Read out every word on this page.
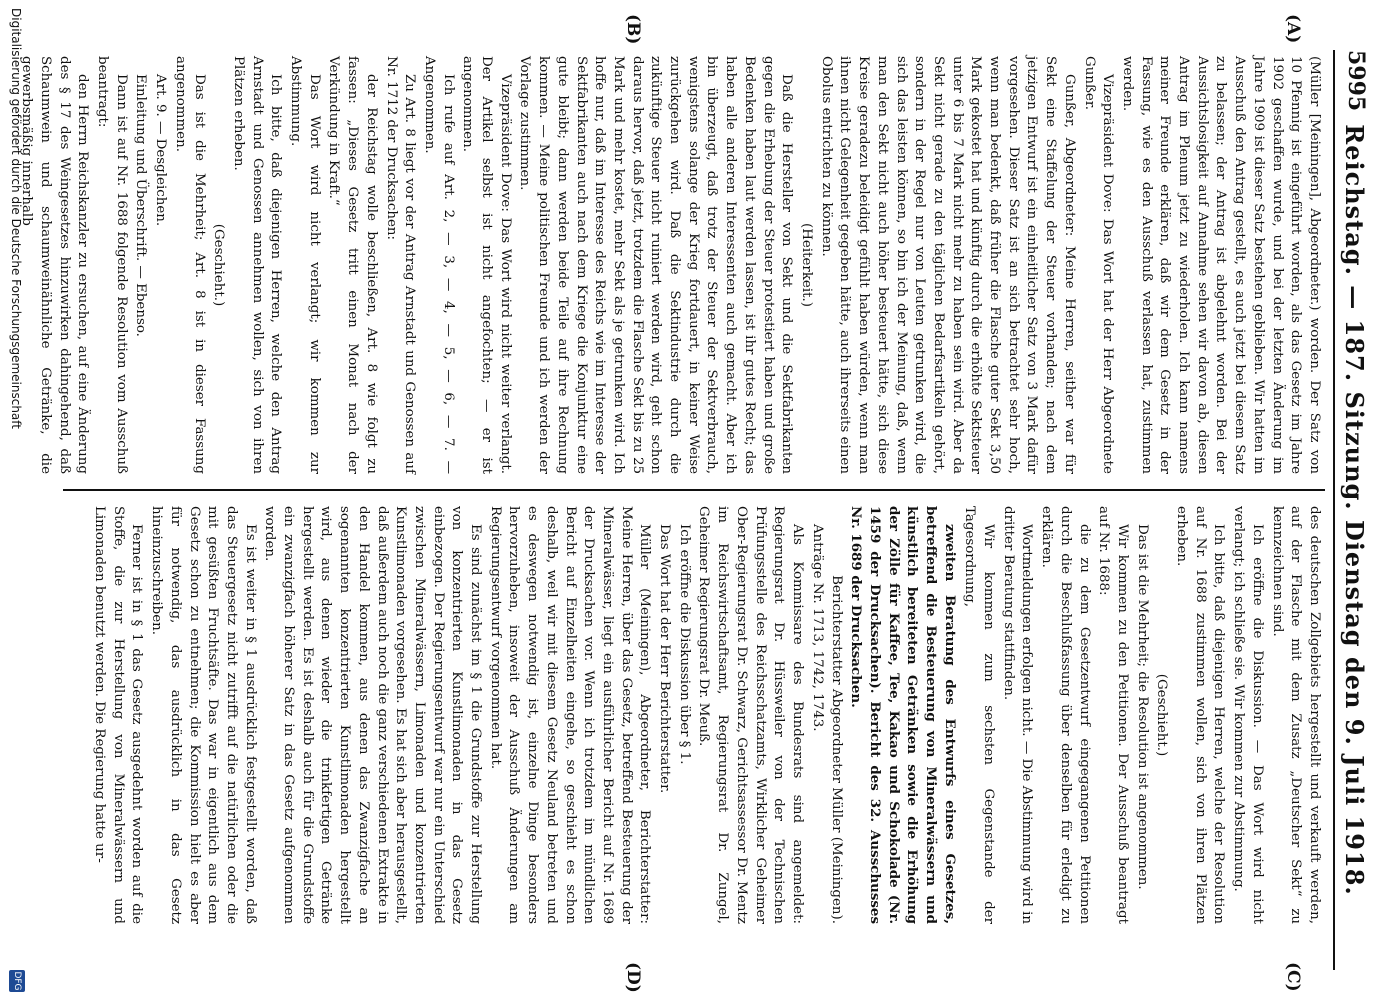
5995
Reichstag. — 187. Sitzung. Dienstag den 9. Juli 1918.
(A)
(B)
(C)
(D)

(Müller [Meiningen], Abgeordneter.) worden. Der Satz von 10 Pfennig ist eingeführt worden, als das Gesetz im Jahre 1902 geschaffen wurde, und bei der letzten Änderung im Jahre 1909 ist dieser Satz bestehen geblieben. Wir hatten im Ausschuß den Antrag gestellt, es auch jetzt bei diesem Satz zu belassen; der Antrag ist abgelehnt worden. Bei der Aussichtslosigkeit auf Annahme sehen wir davon ab, diesen Antrag im Plenum jetzt zu wiederholen. Ich kann namens meiner Freunde erklären, daß wir dem Gesetz in der Fassung, wie es den Ausschuß verlassen hat, zustimmen werden.

Vizepräsident Dove: Das Wort hat der Herr Abgeordnete Gunßer.

Gunßer, Abgeordneter: Meine Herren, seither war für Sekt eine Staffelung der Steuer vorhanden; nach dem jetzigen Entwurf ist ein einheitlicher Satz von 3 Mark dafür vorgesehen. Dieser Satz ist an sich betrachtet sehr hoch, wenn man bedenkt, daß früher die Flasche guter Sekt 3,50 Mark gekostet hat und künftig durch die erhöhte Sektsteuer unter 6 bis 7 Mark nicht mehr zu haben sein wird. Aber da Sekt nicht gerade zu den täglichen Bedarfsartikeln gehört, sondern in der Regel nur von Leuten getrunken wird, die sich das leisten können, so bin ich der Meinung, daß, wenn man den Sekt nicht auch höher besteuert hätte, sich diese Kreise geradezu beleidigt gefühlt haben würden, wenn man ihnen nicht Gelegenheit gegeben hätte, auch ihrerseits einen Obolus entrichten zu können.

(Heiterkeit.)

Daß die Hersteller von Sekt und die Sektfabrikanten gegen die Erhebung der Steuer protestiert haben und große Bedenken haben laut werden lassen, ist ihr gutes Recht; das haben alle anderen Interessenten auch gemacht. Aber ich bin überzeugt, daß trotz der Steuer der Sektverbrauch, wenigstens solange der Krieg fortdauert, in keiner Weise zurückgehen wird. Daß die Sektindustrie durch die zukünftige Steuer nicht ruiniert werden wird, geht schon daraus hervor, daß jetzt, trotzdem die Flasche Sekt bis zu 25 Mark und mehr kostet, mehr Sekt als je getrunken wird. Ich hoffe nur, daß im Interesse des Reichs wie im Interesse der Sektfabrikanten auch nach dem Kriege die Konjunktur eine gute bleibt; dann werden beide Teile auf ihre Rechnung kommen. — Meine politischen Freunde und ich werden der Vorlage zustimmen.

Vizepräsident Dove: Das Wort wird nicht weiter verlangt. Der Artikel selbst ist nicht angefochten; — er ist angenommen.

Ich rufe auf Art. 2, — 3, — 4, — 5, — 6, — 7. — Angenommen.

Zu Art. 8 liegt vor der Antrag Arnstadt und Genossen auf Nr. 1712 der Drucksachen:

der Reichstag wolle beschließen, Art. 8 wie folgt zu fassen: „Dieses Gesetz tritt einen Monat nach der Verkündung in Kraft.“

Das Wort wird nicht verlangt; wir kommen zur Abstimmung.

Ich bitte, daß diejenigen Herren, welche den Antrag Arnstadt und Genossen annehmen wollen, sich von ihren Plätzen erheben.

(Geschieht.)

Das ist die Mehrheit; Art. 8 ist in dieser Fassung angenommen.

Art. 9. — Desgleichen.

Einleitung und Überschrift. — Ebenso.

Dann ist auf Nr. 1688 folgende Resolution vom Ausschuß beantragt:

den Herrn Reichskanzler zu ersuchen, auf eine Änderung des § 17 des Weingesetzes hinzuwirken dahingehend, daß Schaumwein und schaumweinähnliche Getränke, die gewerbsmäßig innerhalb

des deutschen Zollgebiets hergestellt und verkauft werden, auf der Flasche mit dem Zusatz „Deutscher Sekt“ zu kennzeichnen sind.

Ich eröffne die Diskussion. — Das Wort wird nicht verlangt; ich schließe sie. Wir kommen zur Abstimmung.

Ich bitte, daß diejenigen Herren, welche der Resolution auf Nr. 1688 zustimmen wollen, sich von ihren Plätzen erheben.

(Geschieht.)

Das ist die Mehrheit; die Resolution ist angenommen.

Wir kommen zu den Petitionen. Der Ausschuß beantragt auf Nr. 1688:

die zu dem Gesetzentwurf eingegangenen Petitionen durch die Beschlußfassung über denselben für erledigt zu erklären.

Wortmeldungen erfolgen nicht. — Die Abstimmung wird in dritter Beratung stattfinden.

Wir kommen zum sechsten Gegenstande der Tagesordnung,

zweiten Beratung des Entwurfs eines Gesetzes, betreffend die Besteuerung von Mineralwässern und künstlich bereiteten Getränken sowie die Erhöhung der Zölle für Kaffee, Tee, Kakao und Schokolade (Nr. 1459 der Drucksachen). Bericht des 32. Ausschusses Nr. 1689 der Drucksachen.

Berichterstatter Abgeordneter Müller (Meiningen).

Anträge Nr. 1713, 1742, 1743.

Als Kommissare des Bundesrats sind angemeldet: Regierungsrat Dr. Hüssweiler von der Technischen Prüfungsstelle des Reichsschatzamts, Wirklicher Geheimer Ober-Regierungsrat Dr. Schwarz, Gerichtsassessor Dr. Mentz im Reichswirtschaftsamt, Regierungsrat Dr. Zungel, Geheimer Regierungsrat Dr. Meuß.

Ich eröffne die Diskussion über § 1.

Das Wort hat der Herr Berichterstatter.

Müller (Meiningen), Abgeordneter, Berichterstatter: Meine Herren, über das Gesetz, betreffend Besteuerung der Mineralwässer, liegt ein ausführlicher Bericht auf Nr. 1689 der Drucksachen vor. Wenn ich trotzdem im mündlichen Bericht auf Einzelheiten eingehe, so geschieht es schon deshalb, weil wir mit diesem Gesetz Neuland betreten und es deswegen notwendig ist, einzelne Dinge besonders hervorzuheben, insoweit der Ausschuß Änderungen am Regierungsentwurf vorgenommen hat.

Es sind zunächst im § 1 die Grundstoffe zur Herstellung von konzentrierten Kunstlimonaden in das Gesetz einbezogen. Der Regierungsentwurf war nur ein Unterschied zwischen Mineralwässern, Limonaden und konzentrierten Kunstlimonaden vorgesehen. Es hat sich aber herausgestellt, daß außerdem auch noch die ganz verschiedenen Extrakte in den Handel kommen, aus denen das Zwanzigfache an sogenannten konzentrierten Kunstlimonaden hergestellt wird, aus denen wieder die trinkfertigen Getränke hergestellt werden. Es ist deshalb auch für die Grundstoffe ein zwanzigfach höherer Satz in das Gesetz aufgenommen worden.

Es ist weiter in § 1 ausdrücklich festgestellt worden, daß das Steuergesetz nicht zutrifft auf die natürlichen oder die mit gesüßten Fruchtsäfte. Das war in eigentlich aus dem Gesetz schon zu entnehmen; die Kommission hielt es aber für notwendig, das ausdrücklich in das Gesetz hineinzuschreiben.

Ferner ist in § 1 das Gesetz ausgedehnt worden auf die Stoffe, die zur Herstellung von Mineralwässern und Limonaden benutzt werden. Die Regierung hatte ur-

Digitalisierung gefördert durch die Deutsche Forschungsgemeinschaft
DFG
